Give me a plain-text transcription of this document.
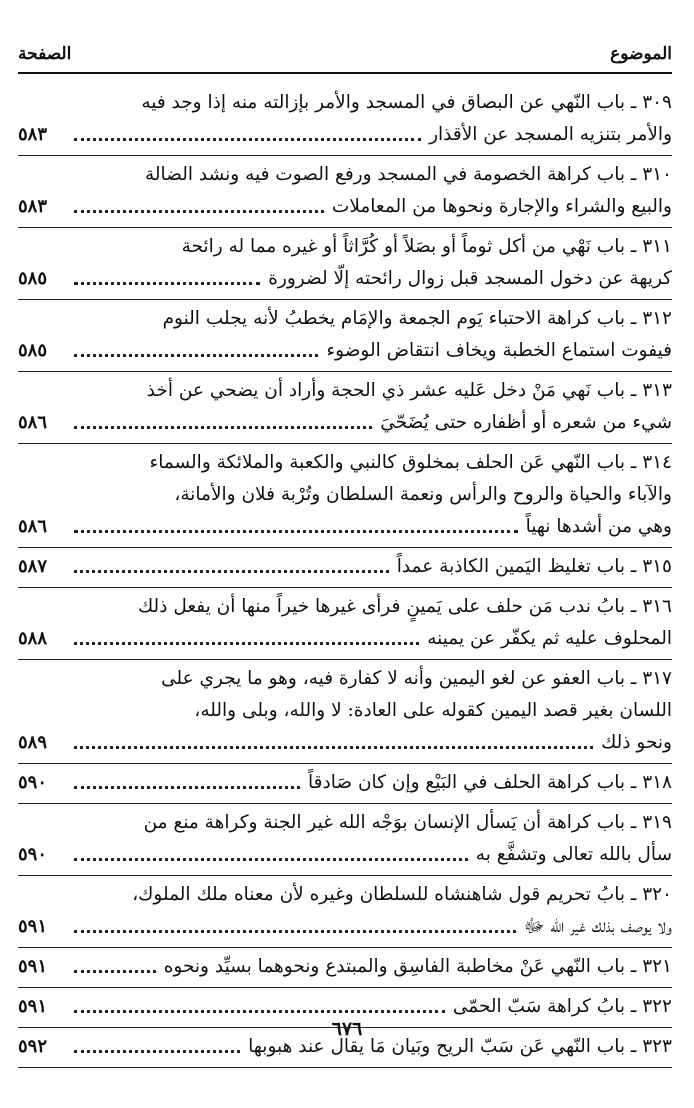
الموضوع
الصفحة
٣٠٩ ـ باب النّهي عن البصاق في المسجد والأمر بإزالته منه إذا وجد فيه
والأمر بتنزيه المسجد عن الأقذار
٥٨٣
٣١٠ ـ باب كراهة الخصومة في المسجد ورفع الصوت فيه ونشد الضالة
والبيع والشراء والإجارة ونحوها من المعاملات
٥٨٣
٣١١ ـ باب نَهْي من أكل ثوماً أو بصَلاً أو كُرَّاثاً أو غيره مما له رائحة
كريهة عن دخول المسجد قبل زوال رائحته إلّا لضرورة
٥٨٥
٣١٢ ـ باب كراهة الاحتباء يَوم الجمعة والإمَام يخطبُ لأنه يجلب النوم
فيفوت استماع الخطبة ويخاف انتقاض الوضوء
٥٨٥
٣١٣ ـ باب نَهي مَنْ دخل عَليه عشر ذي الحجة وأراد أن يضحي عن أخذ
شيء من شعره أو أظفاره حتى يُضَحّيَ
٥٨٦
٣١٤ ـ باب النّهي عَن الحلف بمخلوق كالنبي والكعبة والملائكة والسماء
والآباء والحياة والروح والرأس ونعمة السلطان وتُرْبة فلان والأمانة،
وهي من أشدها نهياً
٥٨٦
٣١٥ ـ باب تغليظ اليَمين الكاذبة عمداً
٥٨٧
٣١٦ ـ بابُ ندب مَن حلف على يَمينٍ فرأى غيرها خيراً منها أن يفعل ذلك
المحلوف عليه ثم يكفّر عن يمينه
٥٨٨
٣١٧ ـ باب العفو عن لغو اليمين وأنه لا كفارة فيه، وهو ما يجري على
اللسان بغير قصد اليمين كقوله على العادة: لا والله، وبلى والله،
ونحو ذلك
٥٨٩
٣١٨ ـ باب كراهة الحلف في البَيْع وإن كان صَادقاً
٥٩٠
٣١٩ ـ باب كراهة أن يَسأل الإنسان بوَجْه الله غير الجنة وكراهة منع من
سأل بالله تعالى وتشفَّع به
٥٩٠
٣٢٠ ـ بابُ تحريم قول شاهنشاه للسلطان وغيره لأن معناه ملك الملوك،
ولا يوصف بذلك غير الله ﷻ
٥٩١
٣٢١ ـ باب النّهي عَنْ مخاطبة الفاسِق والمبتدع ونحوهما بسيِّد ونحوه
٥٩١
٣٢٢ ـ بابُ كراهة سَبّ الحمّى
٥٩١
٣٢٣ ـ باب النّهي عَن سَبّ الريح وبَيان مَا يقال عند هبوبها
٥٩٢
٦٧٦
